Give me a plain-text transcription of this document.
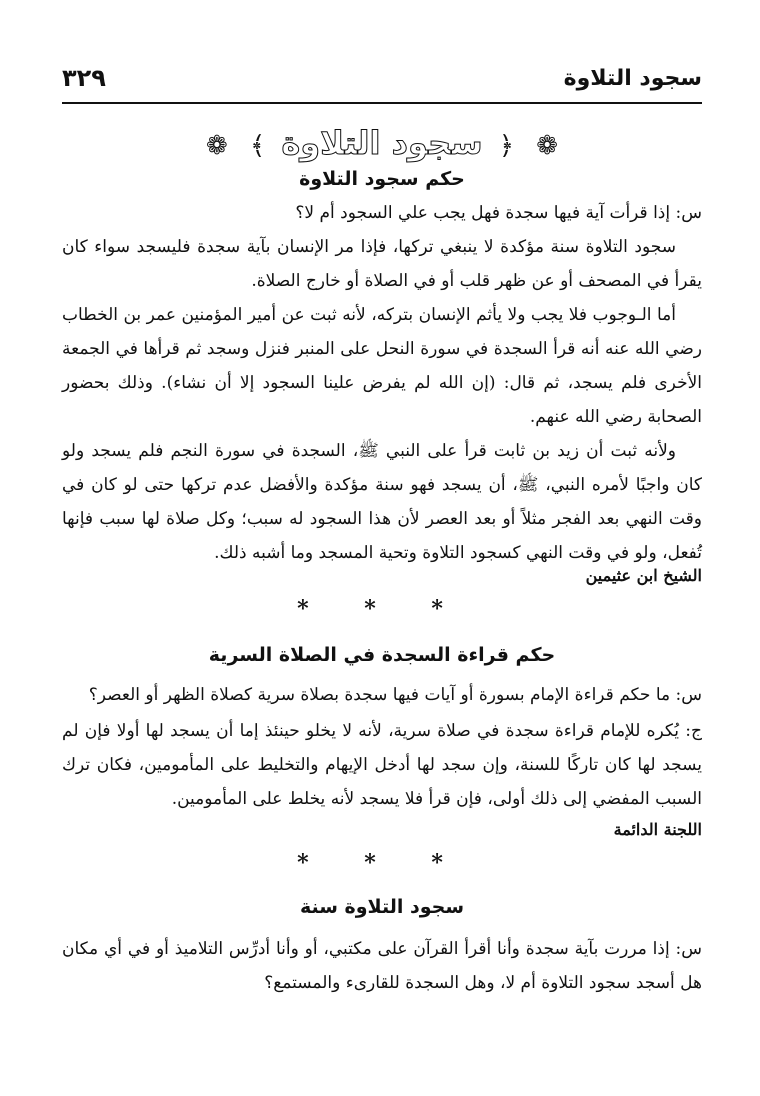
سجود التلاوة
٣٢٩
❁ ﴿ سجود التلاوة ﴾ ❁
حكم سجود التلاوة
س: إذا قرأت آية فيها سجدة فهل يجب علي السجود أم لا؟
سجود التلاوة سنة مؤكدة لا ينبغي تركها، فإذا مر الإنسان بآية سجدة فليسجد سواء كان يقرأ في المصحف أو عن ظهر قلب أو في الصلاة أو خارج الصلاة.
أما الـوجوب فلا يجب ولا يأثم الإنسان بتركه، لأنه ثبت عن أمير المؤمنين عمر بن الخطاب رضي الله عنه أنه قرأ السجدة في سورة النحل على المنبر فنزل وسجد ثم قرأها في الجمعة الأخرى فلم يسجد، ثم قال: (إن الله لم يفرض علينا السجود إلا أن نشاء). وذلك بحضور الصحابة رضي الله عنهم.
ولأنه ثبت أن زيد بن ثابت قرأ على النبي ﷺ، السجدة في سورة النجم فلم يسجد ولو كان واجبًا لأمره النبي، ﷺ، أن يسجد فهو سنة مؤكدة والأفضل عدم تركها حتى لو كان في وقت النهي بعد الفجر مثلاً أو بعد العصر لأن هذا السجود له سبب؛ وكل صلاة لها سبب فإنها تُفعل، ولو في وقت النهي كسجود التلاوة وتحية المسجد وما أشبه ذلك.
الشيخ ابن عثيمين
* * *
حكم قراءة السجدة في الصلاة السرية
س: ما حكم قراءة الإمام بسورة أو آيات فيها سجدة بصلاة سرية كصلاة الظهر أو العصر؟
ج: يُكره للإمام قراءة سجدة في صلاة سرية، لأنه لا يخلو حينئذ إما أن يسجد لها أولا فإن لم يسجد لها كان تاركًا للسنة، وإن سجد لها أدخل الإيهام والتخليط على المأمومين، فكان ترك السبب المفضي إلى ذلك أولى، فإن قرأ فلا يسجد لأنه يخلط على المأمومين.
اللجنة الدائمة
* * *
سجود التلاوة سنة
س: إذا مررت بآية سجدة وأنا أقرأ القرآن على مكتبي، أو وأنا أدرِّس التلاميذ أو في أي مكان هل أسجد سجود التلاوة أم لا، وهل السجدة للقارىء والمستمع؟
